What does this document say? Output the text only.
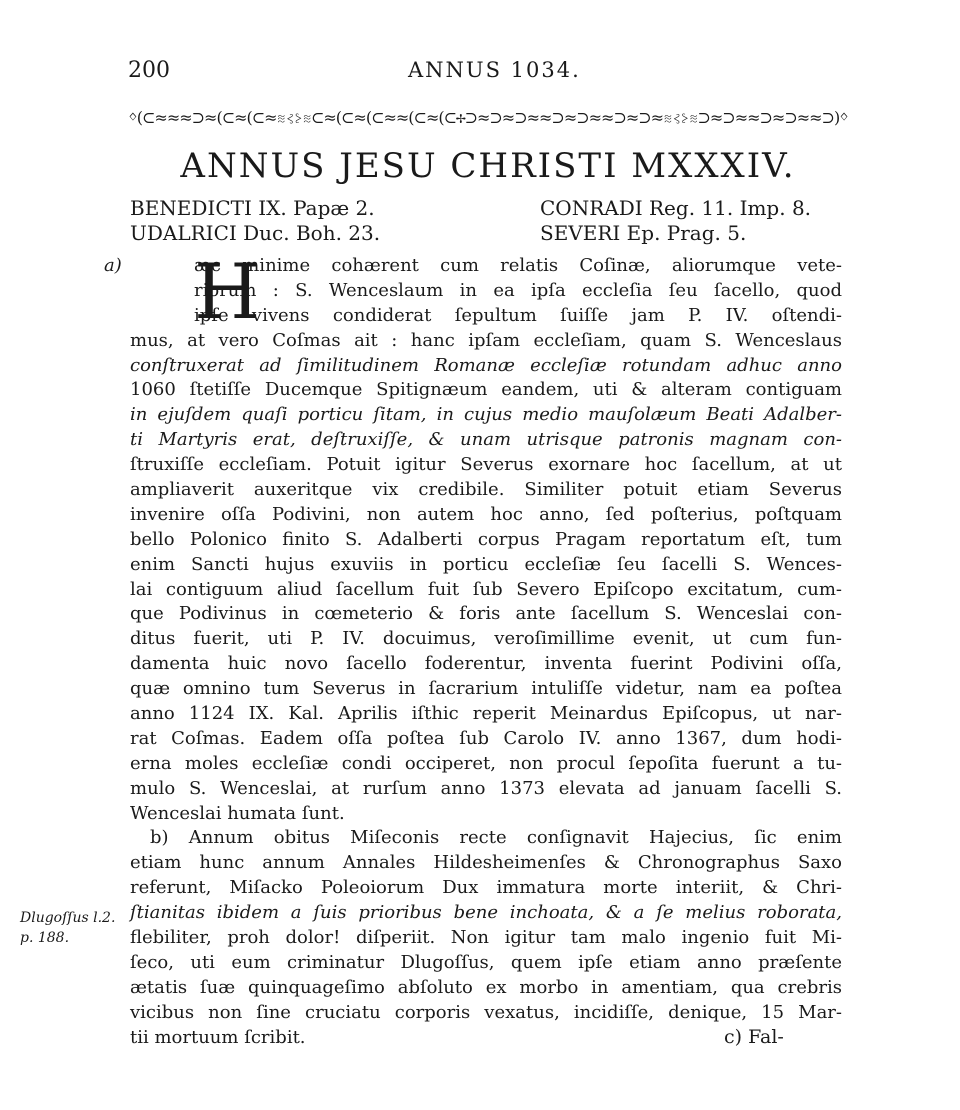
200	ANNUS 1034.
ᛜ(⊂≈≈≈⊃≈(⊂≈(⊂≈≋⊰⊱≋⊂≈(⊂≈(⊂≈≈(⊂≈(⊂✢⊃≈⊃≈⊃≈≈⊃≈⊃≈≈⊃≈⊃≈≋⊰⊱≋⊃≈⊃≈≈⊃≈⊃≈≈⊃)ᛜ
ANNUS JESU CHRISTI MXXXIV.
BENEDICTI IX. Papæ 2.	CONRADI Reg. 11. Imp. 8.
UDALRICI Duc. Boh. 23.	SEVERI Ep. Prag. 5.
a) H
æc minime cohærent cum relatis Coſinæ, aliorumque vete-
riorum : S. Wenceslaum in ea ipſa eccleſia ſeu ſacello, quod
ipſe vivens condiderat ſepultum ſuiſſe jam P. IV. oſtendi-
mus, at vero Coſmas ait : hanc ipſam eccleſiam, quam S. Wenceslaus
conſtruxerat ad ſimilitudinem Romanæ eccleſiæ rotundam adhuc anno
1060 ſtetiſſe Ducemque Spitignæum eandem, uti & alteram contiguam
in ejuſdem quaſi porticu ſitam, in cujus medio mauſolæum Beati Adalber-
ti Martyris erat, deſtruxiſſe, & unam utrisque patronis magnam con-
ſtruxiſſe eccleſiam. Potuit igitur Severus exornare hoc ſacellum, at ut
ampliaverit auxeritque vix credibile. Similiter potuit etiam Severus
invenire oſſa Podivini, non autem hoc anno, ſed poſterius, poſtquam
bello Polonico finito S. Adalberti corpus Pragam reportatum eſt, tum
enim Sancti hujus exuviis in porticu eccleſiæ ſeu ſacelli S. Wences-
lai contiguum aliud ſacellum fuit ſub Severo Epiſcopo excitatum, cum-
que Podivinus in cœmeterio & foris ante ſacellum S. Wenceslai con-
ditus fuerit, uti P. IV. docuimus, veroſimillime evenit, ut cum fun-
damenta huic novo ſacello foderentur, inventa fuerint Podivini oſſa,
quæ omnino tum Severus in ſacrarium intuliſſe videtur, nam ea poſtea
anno 1124 IX. Kal. Aprilis iſthic reperit Meinardus Epiſcopus, ut nar-
rat Coſmas. Eadem oſſa poſtea ſub Carolo IV. anno 1367, dum hodi-
erna moles eccleſiæ condi occiperet, non procul ſepoſita fuerunt a tu-
mulo S. Wenceslai, at rurſum anno 1373 elevata ad januam ſacelli S.
Wenceslai humata ſunt.
b) Annum obitus Miſeconis recte conſignavit Hajecius, ſic enim
etiam hunc annum Annales Hildesheimenſes & Chronographus Saxo
referunt, Miſacko Poleoiorum Dux immatura morte interiit, & Chri-
ſtianitas ibidem a ſuis prioribus bene inchoata, & a ſe melius roborata,
flebiliter, proh dolor! diſperiit. Non igitur tam malo ingenio fuit Mi-
ſeco, uti eum criminatur Dlugoſſus, quem ipſe etiam anno præſente
ætatis ſuæ quinquageſimo abſoluto ex morbo in amentiam, qua crebris
vicibus non ſine cruciatu corporis vexatus, incidiſſe, denique, 15 Mar-
tii mortuum ſcribit.
Dlugoſſus l.2.
p. 188.
c) Fal-
